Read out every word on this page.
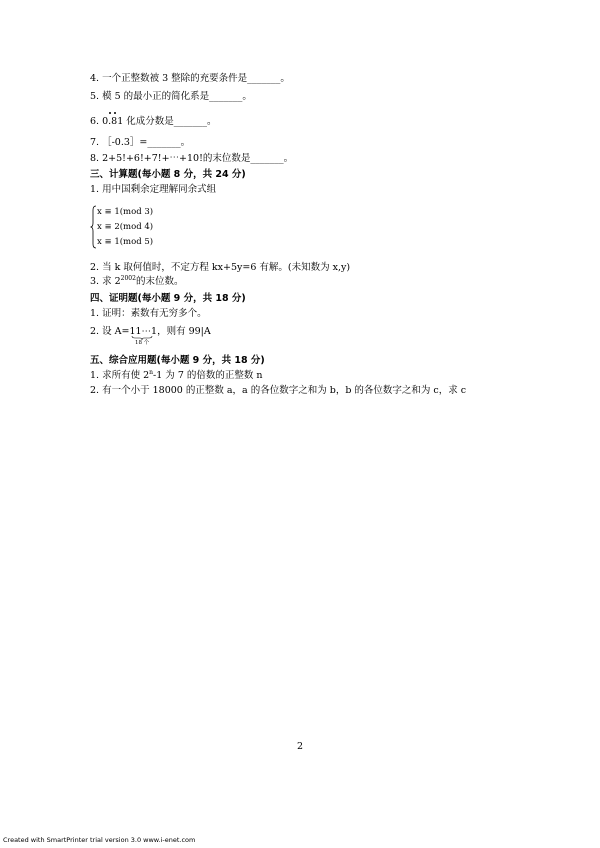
4. 一个正整数被 3 整除的充要条件是_______。
5. 模 5 的最小正的简化系是_______。
6. 0.81 化成分数是_______。
7. ［-0.3］=_______。
8. 2+5!+6!+7!+⋯+10!的末位数是_______。
三、计算题(每小题 8 分，共 24 分)
1. 用中国剩余定理解同余式组
x ≡ 1(mod 3)
x ≡ 2(mod 4)
x ≡ 1(mod 5)
2. 当 k 取何值时，不定方程 kx+5y=6 有解。(未知数为 x,y)
3. 求 $2^{2002}$的末位数。
四、证明题(每小题 9 分，共 18 分)
1. 证明：素数有无穷多个。
2. 设 A=11⋯1，则有 99|A
18 个
五、综合应用题(每小题 9 分，共 18 分)
1. 求所有使 2$^n$-1 为 7 的倍数的正整数 n
2. 有一个小于 18000 的正整数 a，a 的各位数字之和为 b，b 的各位数字之和为 c，求 c
2
Created with SmartPrinter trial version 3.0 www.i-enet.com
